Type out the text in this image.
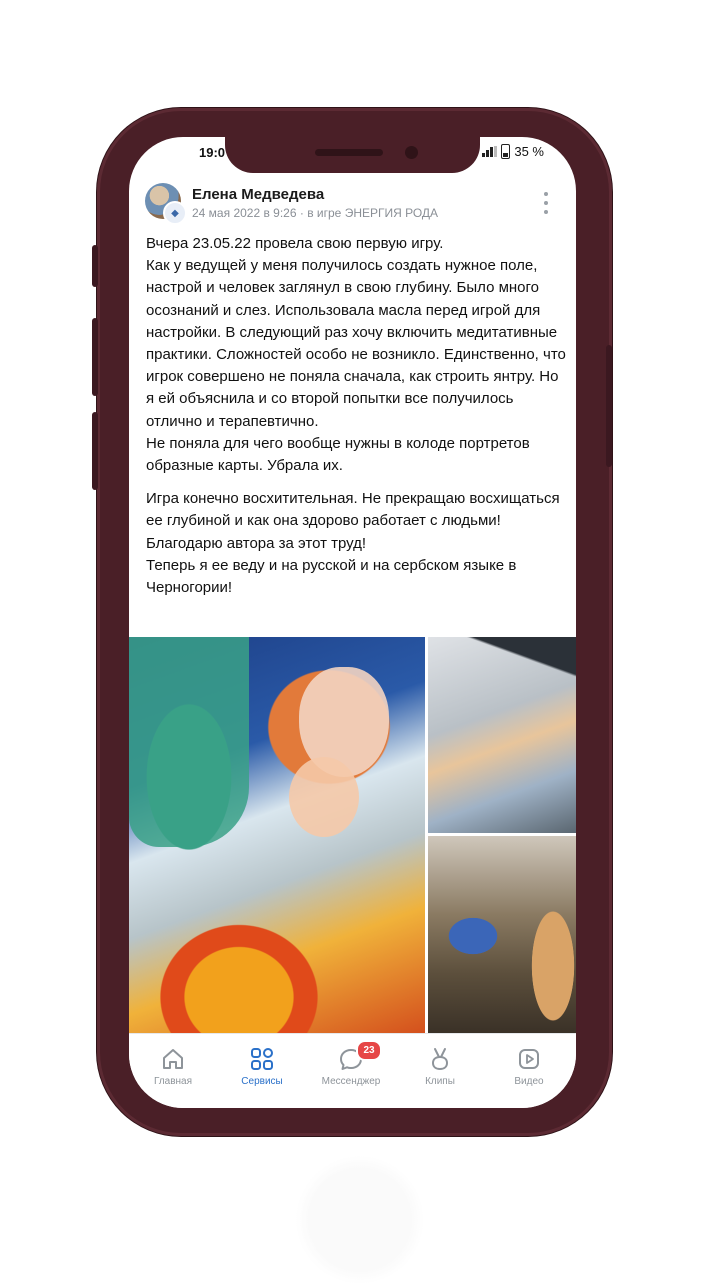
19:0	35 %
◆
Елена Медведева
24 мая 2022 в 9:26 · в игре ЭНЕРГИЯ РОДА

Вчера 23.05.22 провела свою первую игру.
Как у ведущей у меня получилось создать нужное поле, настрой и человек заглянул в свою глубину. Было много осознаний и слез. Использовала масла перед игрой для настройки. В следующий раз хочу включить медитативные практики. Сложностей особо не возникло. Единственно, что игрок совершено не поняла сначала, как строить янтру. Но я ей объяснила и со второй попытки все получилось отлично и терапевтично.
Не поняла для чего вообще нужны в колоде портретов образные карты. Убрала их.

Игра конечно восхитительная. Не прекращаю восхищаться ее глубиной и как она здорово работает с людьми! Благодарю автора за этот труд!
Теперь я ее веду и на русской и на сербском языке в Черногории!

Главная	Сервисы
23
Мессенджер	Клипы	Видео
